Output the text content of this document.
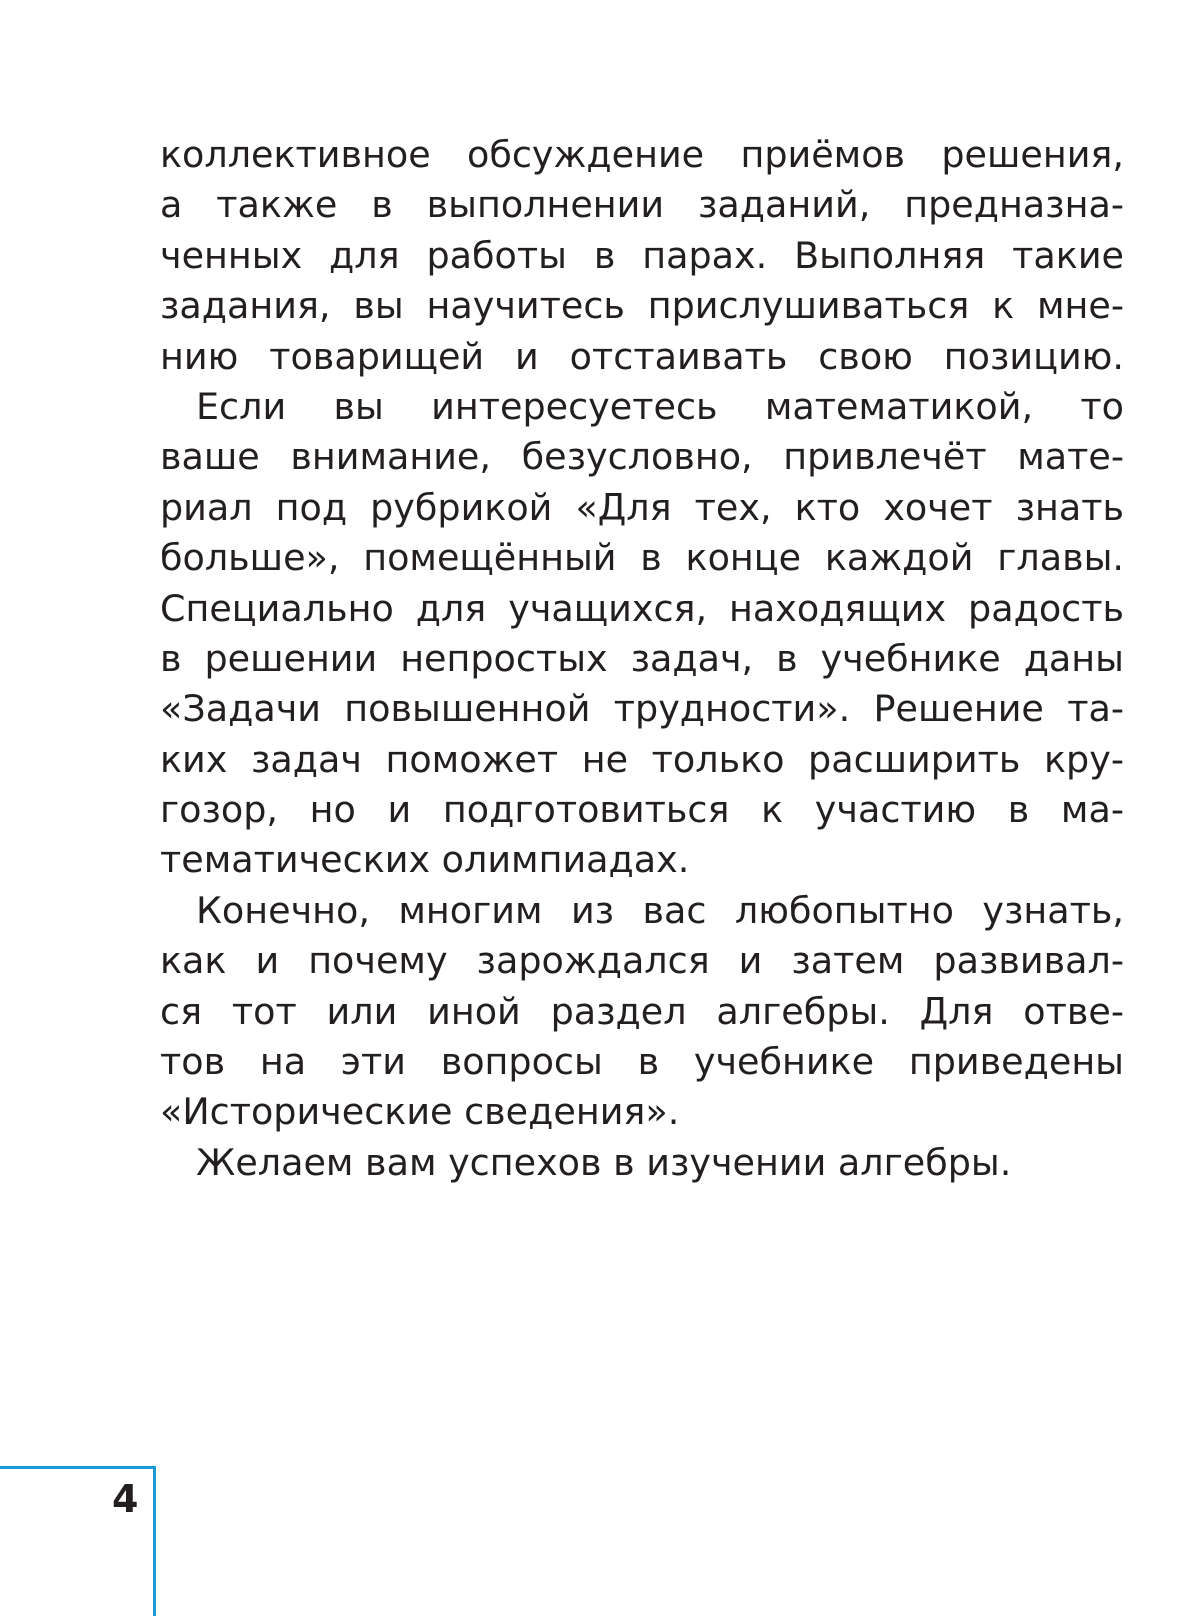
коллективное обсуждение приёмов решения,
а также в выполнении заданий, предназна-
ченных для работы в парах. Выполняя такие
задания, вы научитесь прислушиваться к мне-
нию товарищей и отстаивать свою позицию.
Если вы интересуетесь математикой, то
ваше внимание, безусловно, привлечёт мате-
риал под рубрикой «Для тех, кто хочет знать
больше», помещённый в конце каждой главы.
Специально для учащихся, находящих радость
в решении непростых задач, в учебнике даны
«Задачи повышенной трудности». Решение та-
ких задач поможет не только расширить кру-
гозор, но и подготовиться к участию в ма-
тематических олимпиадах.
Конечно, многим из вас любопытно узнать,
как и почему зарождался и затем развивал-
ся тот или иной раздел алгебры. Для отве-
тов на эти вопросы в учебнике приведены
«Исторические сведения».
Желаем вам успехов в изучении алгебры.
4
